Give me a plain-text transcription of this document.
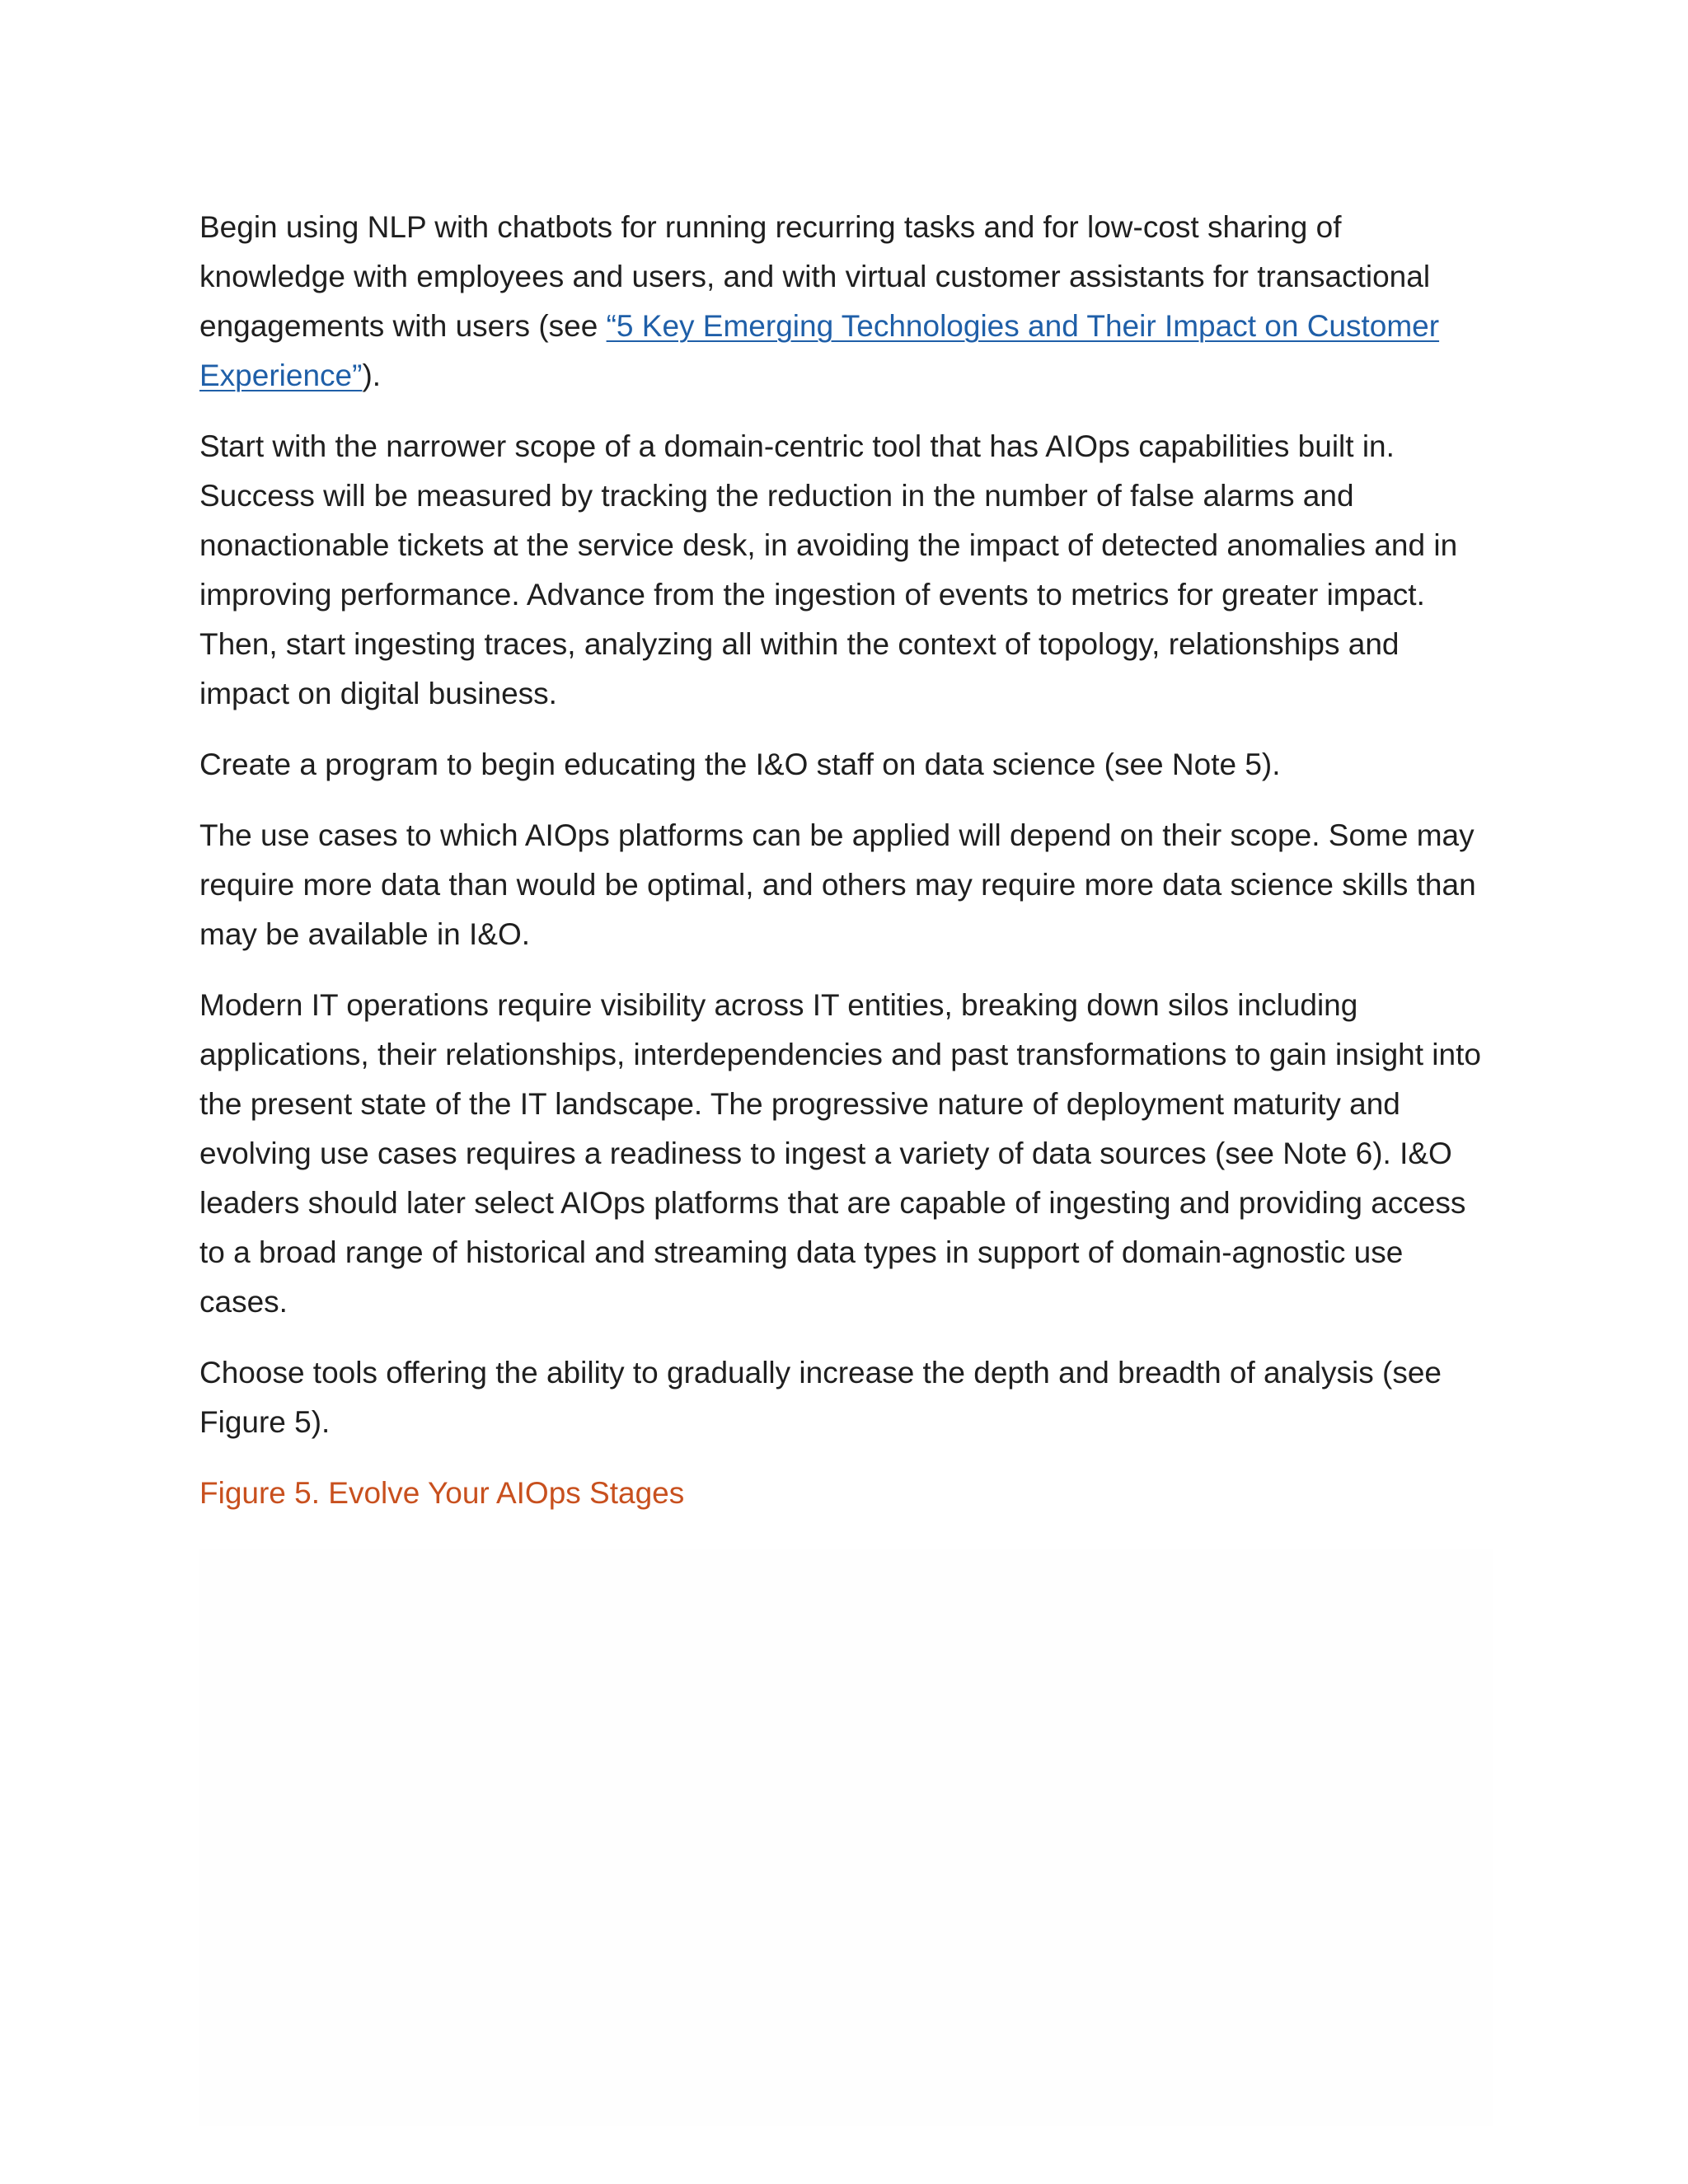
Begin using NLP with chatbots for running recurring tasks and for low-cost sharing of knowledge with employees and users, and with virtual customer assistants for transactional engagements with users (see “5 Key Emerging Technologies and Their Impact on Customer Experience”).

Start with the narrower scope of a domain-centric tool that has AIOps capabilities built in. Success will be measured by tracking the reduction in the number of false alarms and nonactionable tickets at the service desk, in avoiding the impact of detected anomalies and in improving performance. Advance from the ingestion of events to metrics for greater impact. Then, start ingesting traces, analyzing all within the context of topology, relationships and impact on digital business.

Create a program to begin educating the I&O staff on data science (see Note 5).

The use cases to which AIOps platforms can be applied will depend on their scope. Some may require more data than would be optimal, and others may require more data science skills than may be available in I&O.

Modern IT operations require visibility across IT entities, breaking down silos including applications, their relationships, interdependencies and past transformations to gain insight into the present state of the IT landscape. The progressive nature of deployment maturity and evolving use cases requires a readiness to ingest a variety of data sources (see Note 6). I&O leaders should later select AIOps platforms that are capable of ingesting and providing access to a broad range of historical and streaming data types in support of domain-agnostic use cases.

Choose tools offering the ability to gradually increase the depth and breadth of analysis (see Figure 5).

Figure 5. Evolve Your AIOps Stages
